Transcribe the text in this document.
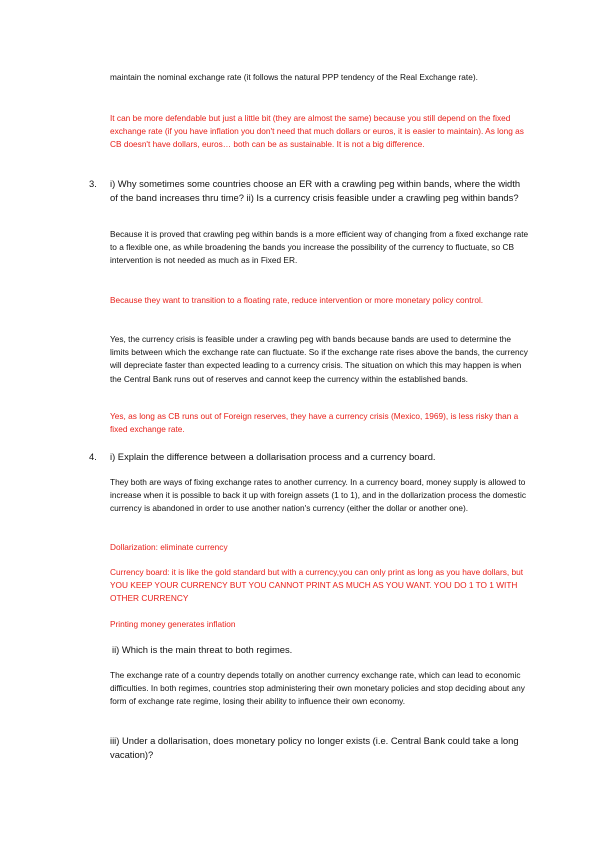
maintain the nominal exchange rate (it follows the natural PPP tendency of the Real Exchange rate).

It can be more defendable but just a little bit (they are almost the same) because you still depend on the fixed exchange rate (if you have inflation you don't need that much dollars or euros, it is easier to maintain). As long as CB doesn't have dollars, euros… both can be as sustainable. It is not a big difference.

3. i) Why sometimes some countries choose an ER with a crawling peg within bands, where the width of the band increases thru time? ii) Is a currency crisis feasible under a crawling peg within bands?

Because it is proved that crawling peg within bands is a more efficient way of changing from a fixed exchange rate to a flexible one, as while broadening the bands you increase the possibility of the currency to fluctuate, so CB intervention is not needed as much as in Fixed ER.

Because they want to transition to a floating rate, reduce intervention or more monetary policy control.

Yes, the currency crisis is feasible under a crawling peg with bands because bands are used to determine the limits between which the exchange rate can fluctuate. So if the exchange rate rises above the bands, the currency will depreciate faster than expected leading to a currency crisis. The situation on which this may happen is when the Central Bank runs out of reserves and cannot keep the currency within the established bands.

Yes, as long as CB runs out of Foreign reserves, they have a currency crisis (Mexico, 1969), is less risky than a fixed exchange rate.

4. i) Explain the difference between a dollarisation process and a currency board.

They both are ways of fixing exchange rates to another currency. In a currency board, money supply is allowed to increase when it is possible to back it up with foreign assets (1 to 1), and in the dollarization process the domestic currency is abandoned in order to use another nation's currency (either the dollar or another one).

Dollarization: eliminate currency

Currency board: it is like the gold standard but with a currency,you can only print as long as you have dollars, but YOU KEEP YOUR CURRENCY BUT YOU CANNOT PRINT AS MUCH AS YOU WANT. YOU DO 1 TO 1 WITH OTHER CURRENCY

Printing money generates inflation

ii) Which is the main threat to both regimes.

The exchange rate of a country depends totally on another currency exchange rate, which can lead to economic difficulties. In both regimes, countries stop administering their own monetary policies and stop deciding about any form of exchange rate regime, losing their ability to influence their own economy.

iii) Under a dollarisation, does monetary policy no longer exists (i.e. Central Bank could take a long vacation)?
